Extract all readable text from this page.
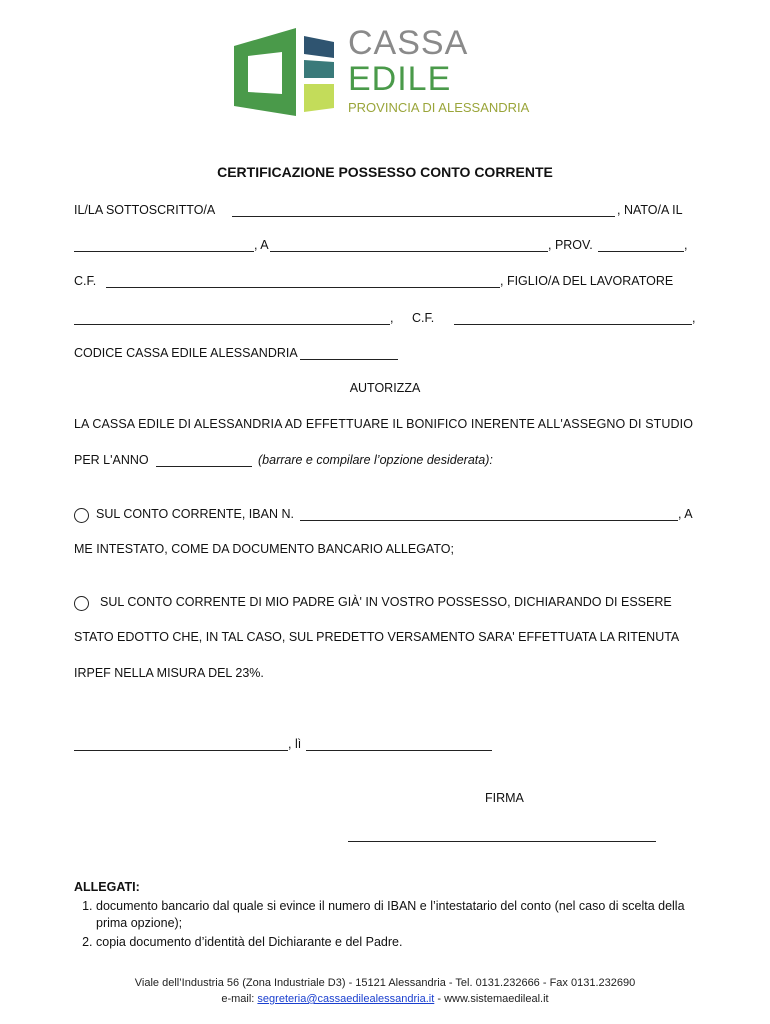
CASSA
EDILE
PROVINCIA DI ALESSANDRIA
CERTIFICAZIONE POSSESSO CONTO CORRENTE
IL/LA SOTTOSCRITTO/A	, NATO/A IL
, A	, PROV.	,
C.F.	, FIGLIO/A DEL LAVORATORE
, C.F.	,
CODICE CASSA EDILE ALESSANDRIA
AUTORIZZA
LA CASSA EDILE DI ALESSANDRIA AD EFFETTUARE IL BONIFICO INERENTE ALL'ASSEGNO DI STUDIO
PER L'ANNO	(barrare e compilare l’opzione desiderata):
SUL CONTO CORRENTE, IBAN N.	, A
ME INTESTATO, COME DA DOCUMENTO BANCARIO ALLEGATO;
SUL CONTO CORRENTE DI MIO PADRE GIÀ' IN VOSTRO POSSESSO, DICHIARANDO DI ESSERE
STATO EDOTTO CHE, IN TAL CASO, SUL PREDETTO VERSAMENTO SARA' EFFETTUATA LA RITENUTA
IRPEF NELLA MISURA DEL 23%.
, lì
FIRMA
ALLEGATI:
1. documento bancario dal quale si evince il numero di IBAN e l’intestatario del conto (nel caso di scelta della prima opzione);
2. copia documento d’identità del Dichiarante e del Padre.
Viale dell’Industria 56 (Zona Industriale D3) - 15121 Alessandria - Tel. 0131.232666 - Fax 0131.232690
e-mail: segreteria@cassaedilealessandria.it - www.sistemaedileal.it
